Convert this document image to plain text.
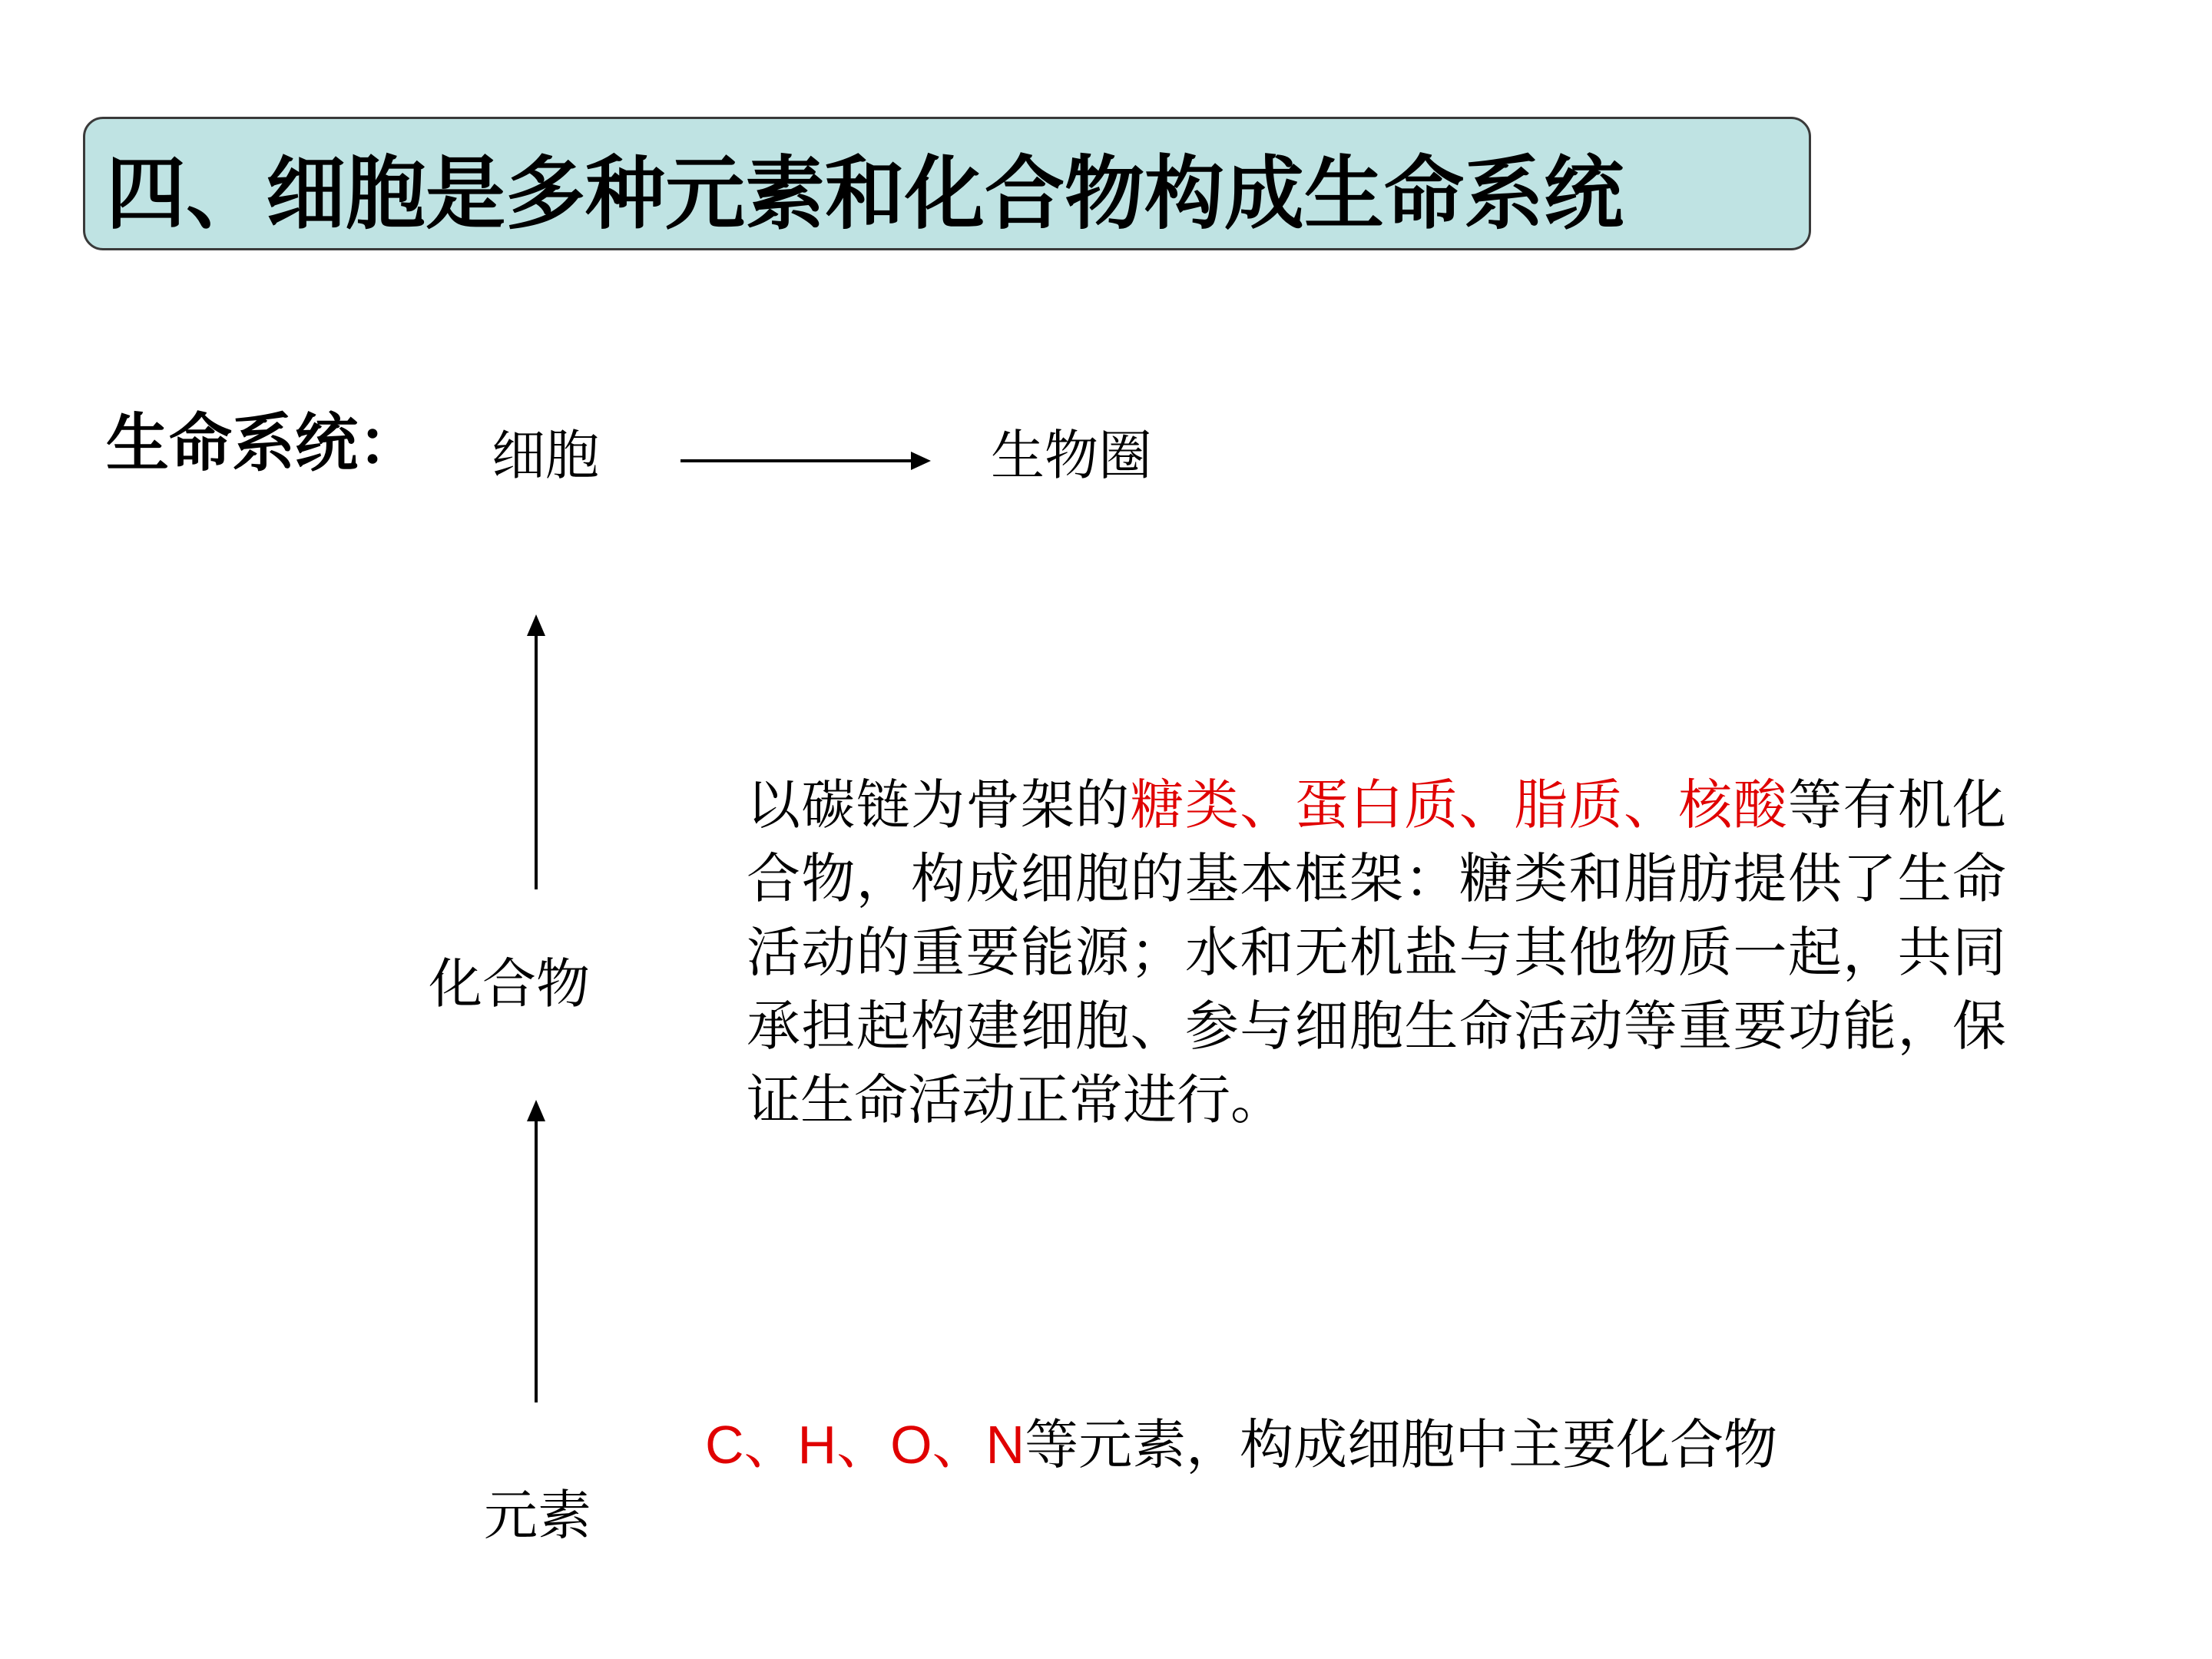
四、细胞是多种元素和化合物构成生命系统
生命系统： 细胞	生物圈
化合物
元素
以碳链为骨架的糖类、蛋白质、脂质、核酸等有机化合物，构成细胞的基本框架：糖类和脂肪提供了生命活动的重要能源；水和无机盐与其他物质一起，共同承担起构建细胞、参与细胞生命活动等重要功能，保证生命活动正常进行。
C、H、O、N等元素，构成细胞中主要化合物
